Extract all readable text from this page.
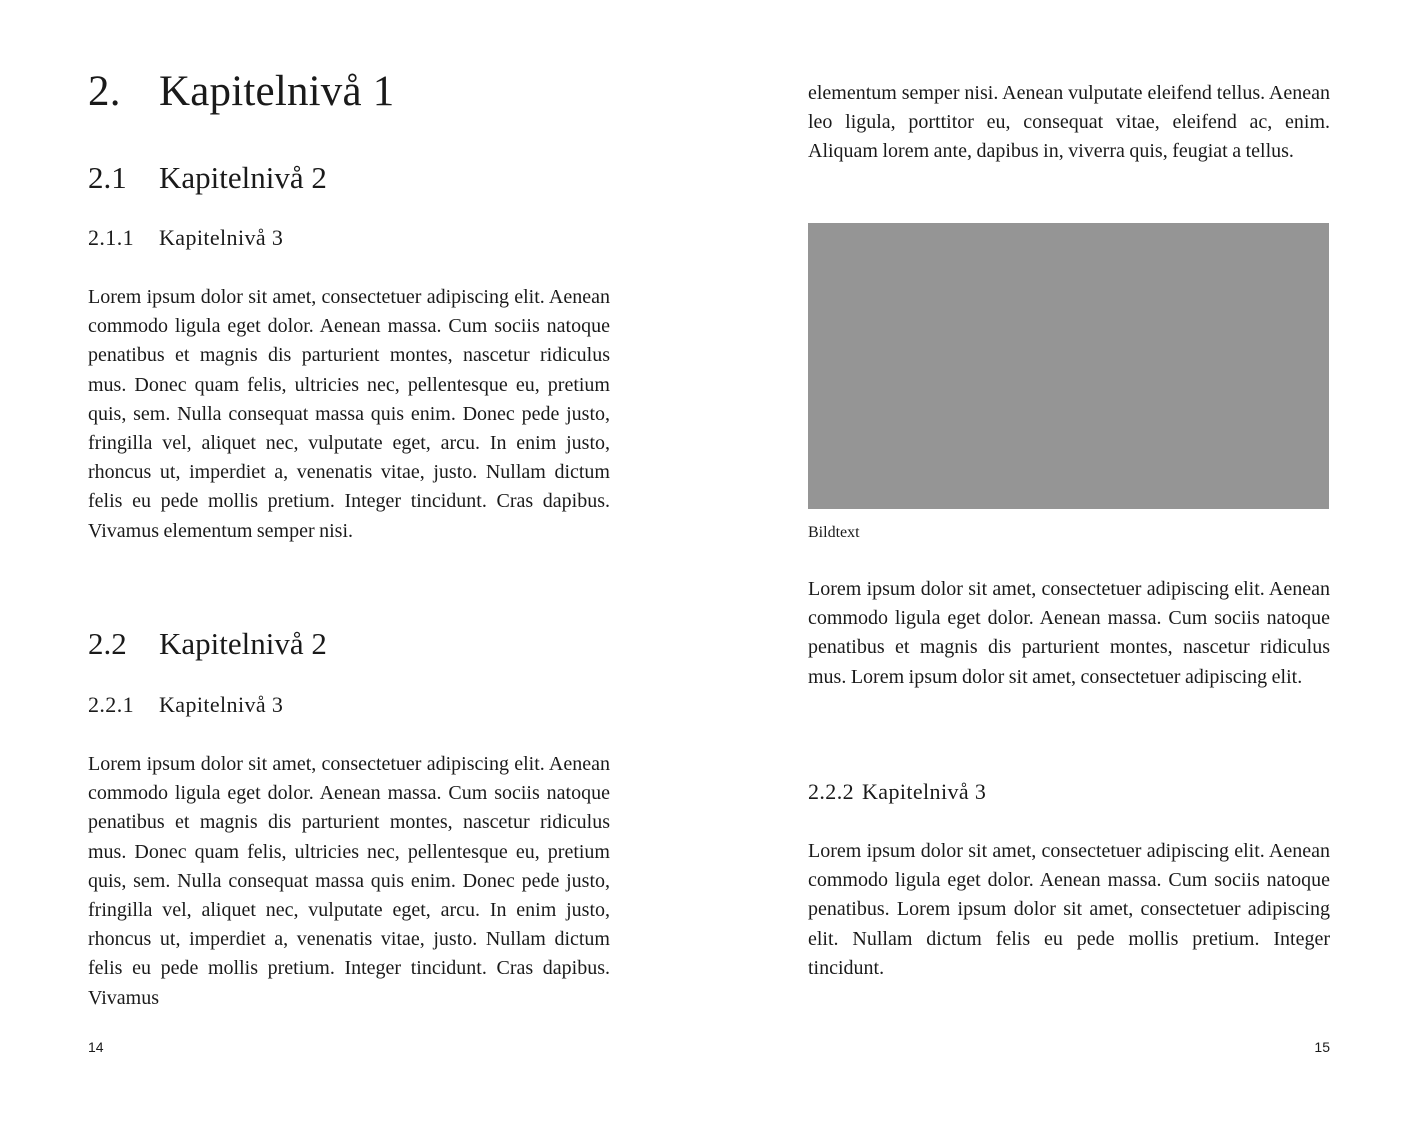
2. Kapitelnivå 1
2.1 Kapitelnivå 2
2.1.1 Kapitelnivå 3
Lorem ipsum dolor sit amet, consectetuer adipiscing elit. Aenean commodo ligula eget dolor. Aenean massa. Cum sociis natoque penatibus et magnis dis parturient montes, nascetur ridiculus mus. Donec quam felis, ultricies nec, pellentesque eu, pretium quis, sem. Nulla consequat massa quis enim. Donec pede justo, fringilla vel, aliquet nec, vulputate eget, arcu. In enim justo, rhoncus ut, imperdiet a, venenatis vitae, justo. Nullam dictum felis eu pede mollis pretium. Integer tincidunt. Cras dapibus. Vivamus elementum semper nisi.
2.2 Kapitelnivå 2
2.2.1 Kapitelnivå 3
Lorem ipsum dolor sit amet, consectetuer adipiscing elit. Aenean commodo ligula eget dolor. Aenean massa. Cum sociis natoque penatibus et magnis dis parturient montes, nascetur ridiculus mus. Donec quam felis, ultricies nec, pellentesque eu, pretium quis, sem. Nulla consequat massa quis enim. Donec pede justo, fringilla vel, aliquet nec, vulputate eget, arcu. In enim justo, rhoncus ut, imperdiet a, venenatis vitae, justo. Nullam dictum felis eu pede mollis pretium. Integer tincidunt. Cras dapibus. Vivamus
14
elementum semper nisi. Aenean vulputate eleifend tellus. Aenean leo ligula, porttitor eu, consequat vitae, eleifend ac, enim. Aliquam lorem ante, dapibus in, viverra quis, feugiat a tellus.
Bildtext
Lorem ipsum dolor sit amet, consectetuer adipiscing elit. Aenean commodo ligula eget dolor. Aenean massa. Cum sociis natoque penatibus et magnis dis parturient montes, nascetur ridiculus mus. Lorem ipsum dolor sit amet, consectetuer adipiscing elit.
2.2.2 Kapitelnivå 3
Lorem ipsum dolor sit amet, consectetuer adipiscing elit. Aenean commodo ligula eget dolor. Aenean massa. Cum sociis natoque penatibus. Lorem ipsum dolor sit amet, consectetuer adipiscing elit. Nullam dictum felis eu pede mollis pretium. Integer tincidunt.
15
